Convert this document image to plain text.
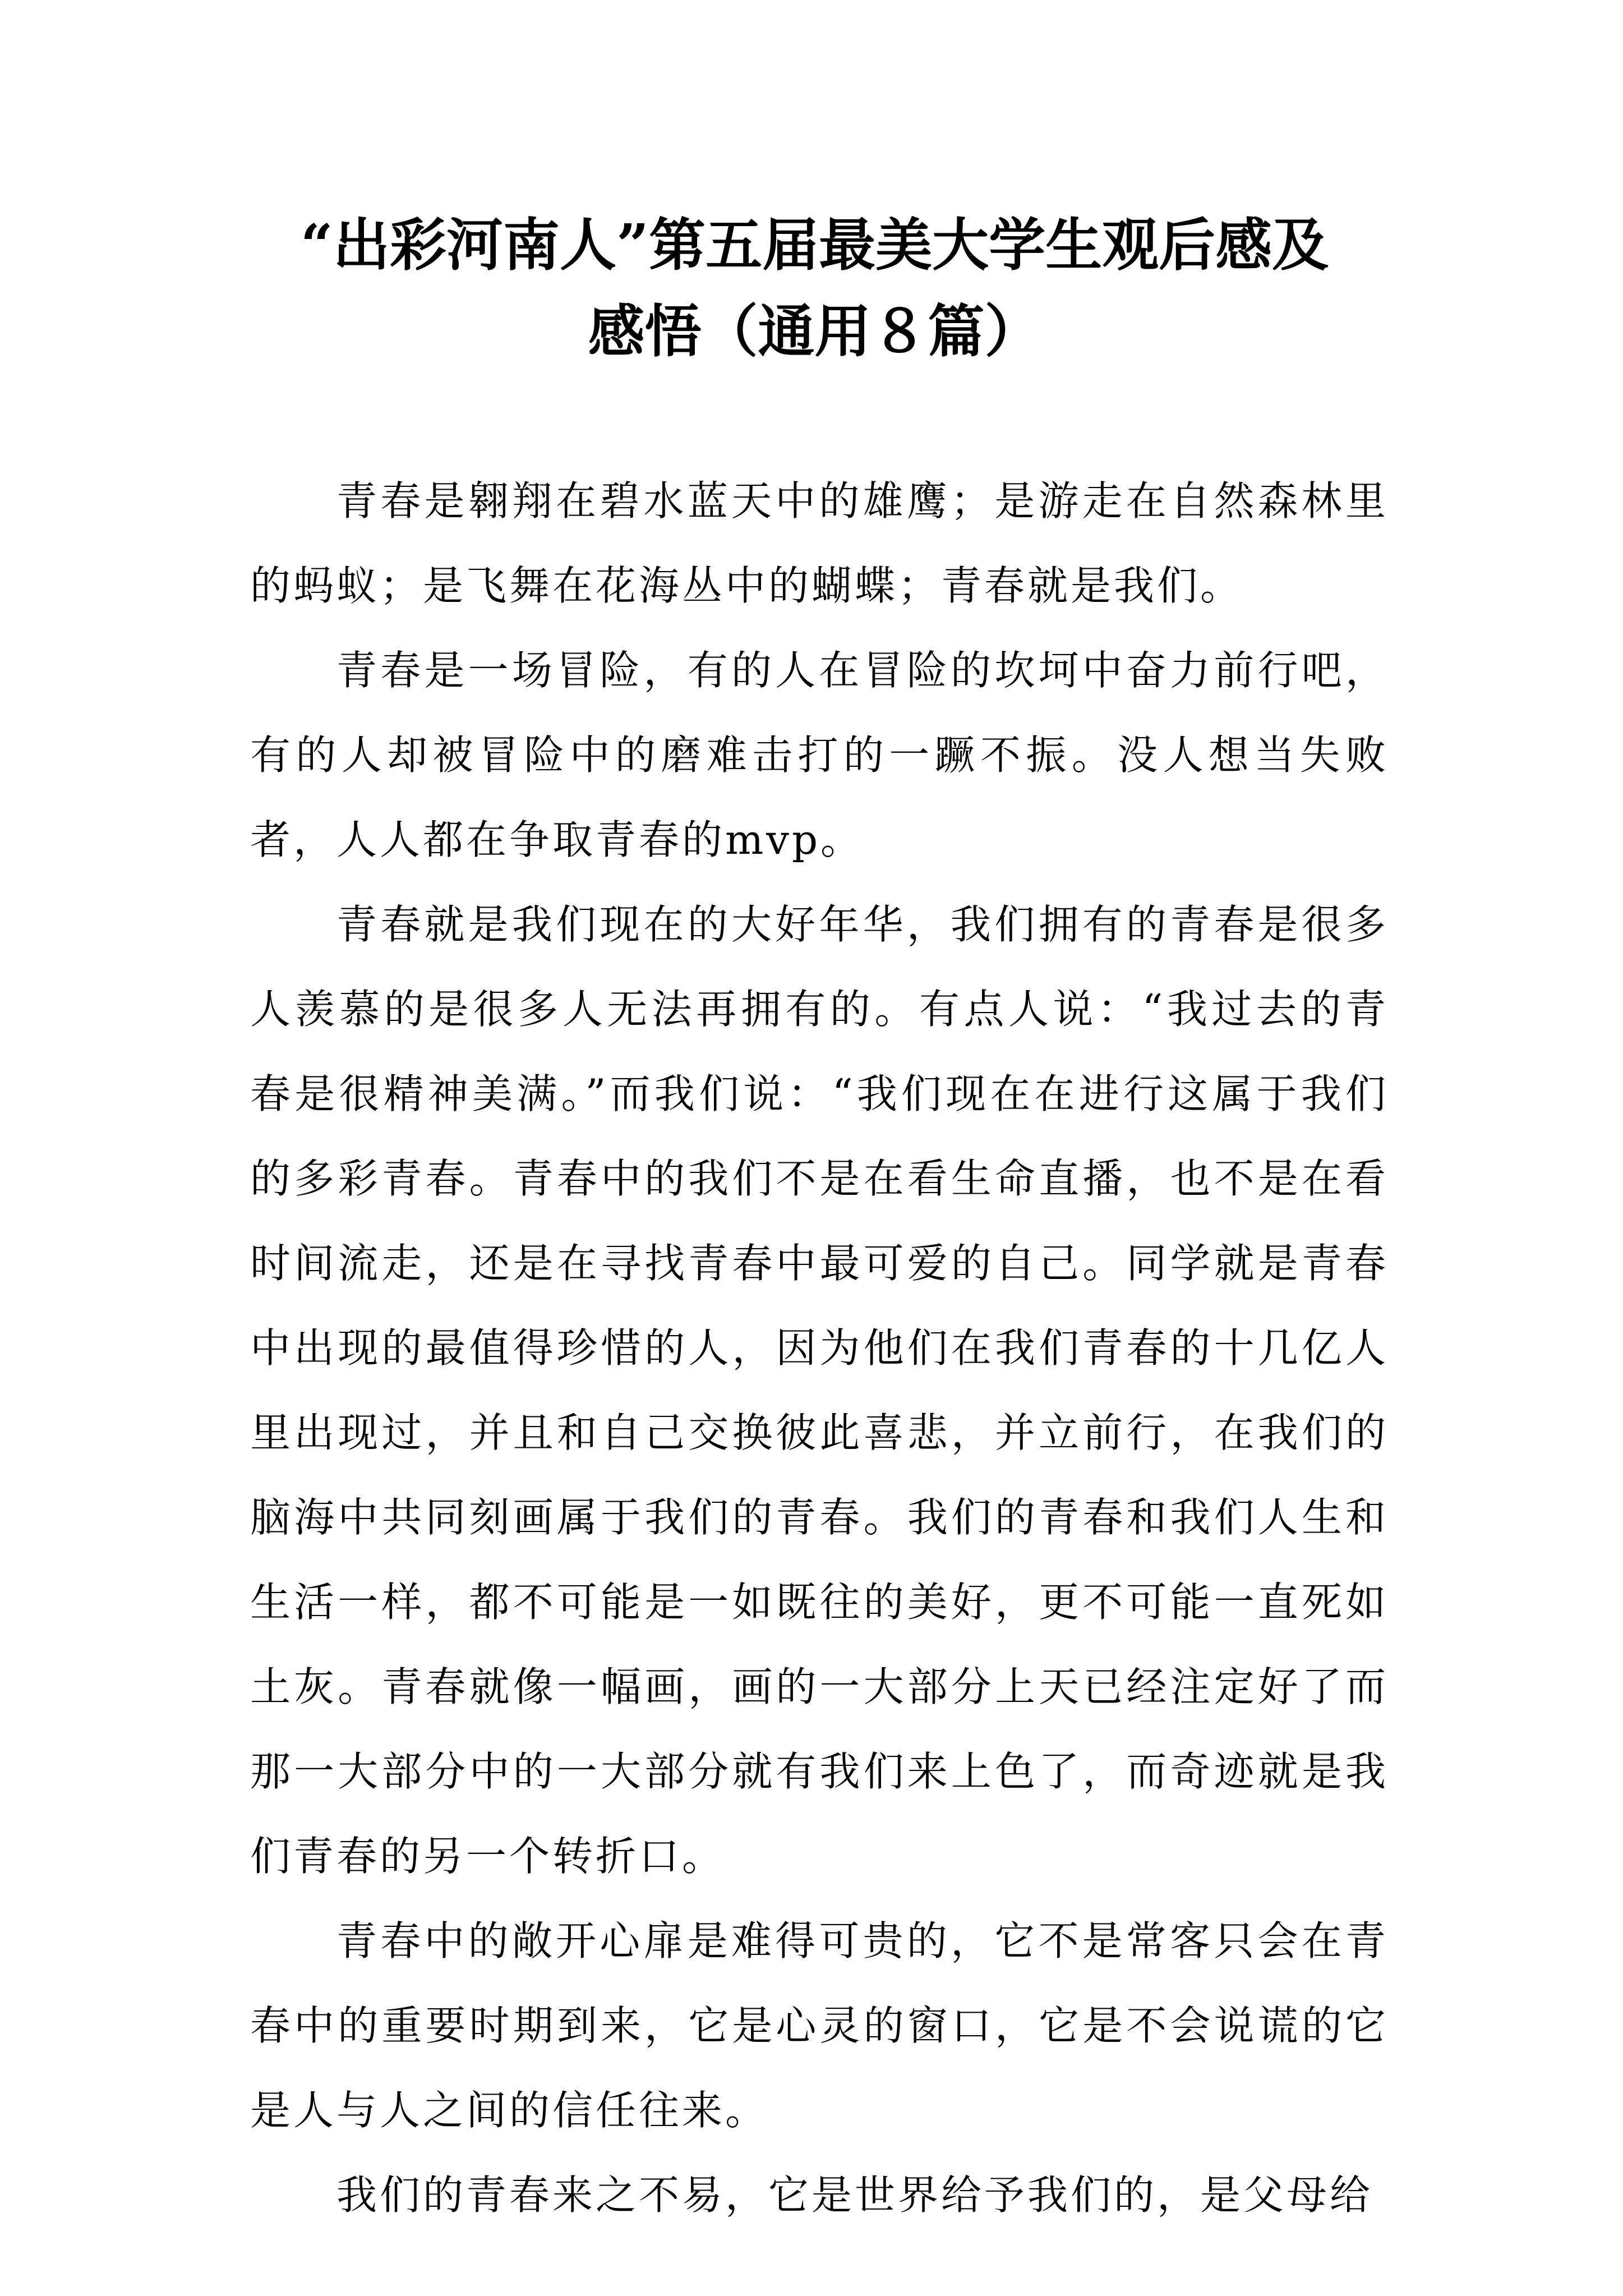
“出彩河南人”第五届最美大学生观后感及
感悟（通用８篇）

青春是翱翔在碧水蓝天中的雄鹰；是游走在自然森林里的蚂蚁；是飞舞在花海丛中的蝴蝶；青春就是我们。

青春是一场冒险，有的人在冒险的坎坷中奋力前行吧，有的人却被冒险中的磨难击打的一蹶不振。没人想当失败者，人人都在争取青春的mvp。

青春就是我们现在的大好年华，我们拥有的青春是很多人羡慕的是很多人无法再拥有的。有点人说：“我过去的青春是很精神美满。”而我们说：“我们现在在进行这属于我们的多彩青春。青春中的我们不是在看生命直播，也不是在看时间流走，还是在寻找青春中最可爱的自己。同学就是青春中出现的最值得珍惜的人，因为他们在我们青春的十几亿人里出现过，并且和自己交换彼此喜悲，并立前行，在我们的脑海中共同刻画属于我们的青春。我们的青春和我们人生和生活一样，都不可能是一如既往的美好，更不可能一直死如土灰。青春就像一幅画，画的一大部分上天已经注定好了而那一大部分中的一大部分就有我们来上色了，而奇迹就是我们青春的另一个转折口。

青春中的敞开心扉是难得可贵的，它不是常客只会在青春中的重要时期到来，它是心灵的窗口，它是不会说谎的它是人与人之间的信任往来。

我们的青春来之不易，它是世界给予我们的，是父母给
